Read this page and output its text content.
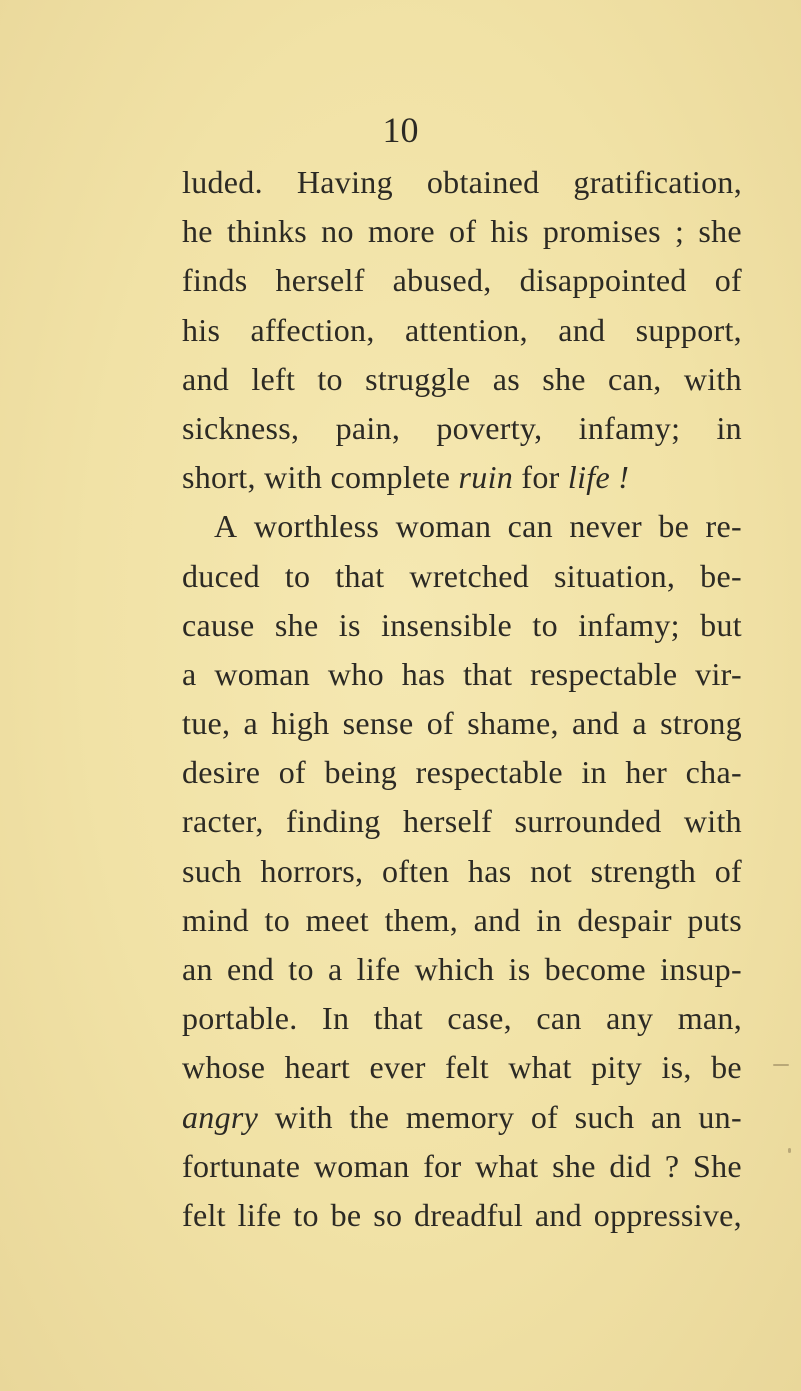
10
luded. Having obtained gratification,
he thinks no more of his promises ; she
finds herself abused, disappointed of
his affection, attention, and support,
and left to struggle as she can, with
sickness, pain, poverty, infamy; in
short,
with
complete
ruin
for
life !
A worthless woman can never be re-
duced to that wretched situation, be-
cause she is insensible to infamy; but
a woman who has that respectable vir-
tue, a high sense of shame, and a strong
desire of being respectable in her cha-
racter, finding herself surrounded with
such horrors, often has not strength of
mind to meet them, and in despair puts
an end to a life which is become insup-
portable. In that case, can any man,
whose heart ever felt what pity is, be
angry with the memory of such an un-
fortunate woman for what she did ? She
felt life to be so dreadful and oppressive,
